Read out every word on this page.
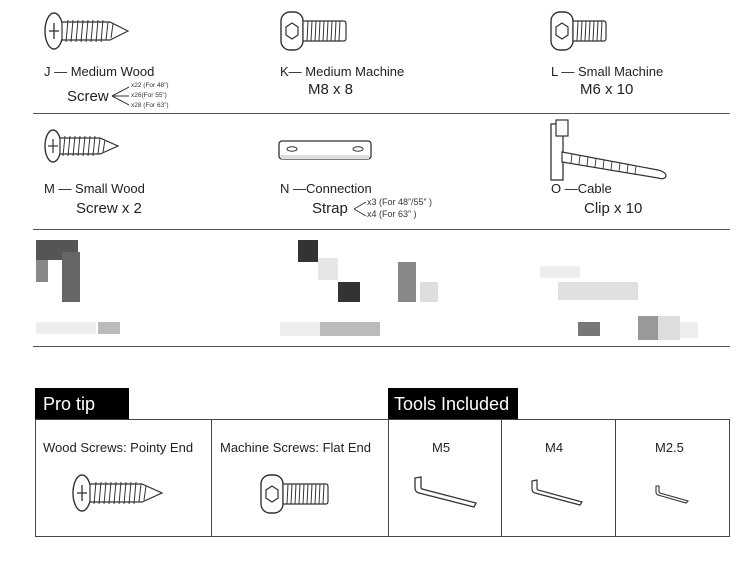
J — Medium Wood
Screw
x22 (For 48”)
x26(For 55”)
x28 (For 63”)
K— Medium Machine
M8 x 8
L — Small Machine
M6 x 10
M — Small Wood
Screw x 2
N —Connection
Strap x3 (For 48”/55” )
x4 (For 63” )
O —Cable
Clip x 10
Pro tip
Wood Screws: Pointy End Machine Screws: Flat End
Tools Included
M5	M4	M2.5
